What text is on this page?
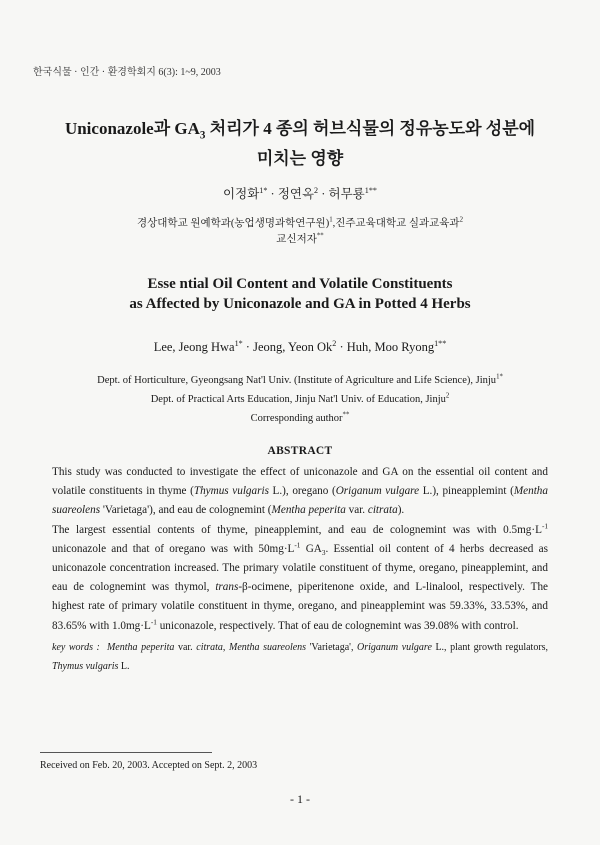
한국식물 · 인간 · 환경학회지 6(3): 1~9, 2003
Uniconazole과 $GA_3$ 처리가 4 종의 허브식물의 정유농도와 성분에
미치는 영향
이정화$^{1*}$ · 정연옥$^2$ · 허무룡$^{1**}$
경상대학교 원예학과(농업생명과학연구원)$^1$,진주교육대학교 실과교육과$^2$
교신저자**
Esse ntial Oil Content and Volatile Constituents
as Affected by Uniconazole and GA in Potted 4 Herbs
Lee, Jeong Hwa$^{1*}$ · Jeong, Yeon $Ok^2$ · Huh, Moo Ryong$^{1**}$
Dept. of Horticulture, Gyeongsang Nat'l Univ. (Institute of Agriculture and Life Science), Jinju$^{1*}$
Dept. of Practical Arts Education, Jinju Nat'l Univ. of Education, Jinju$^2$
Corresponding author**
ABSTRACT

This study was conducted to investigate the effect of uniconazole and GA on the essential oil content and volatile constituents in thyme (Thymus vulgaris L.), oregano (Origanum vulgare L.), pineapplemint (Mentha suareolens 'Varietaga'), and eau de colognemint (Mentha peperita var. citrata).

The largest essential contents of thyme, pineapplemint, and eau de colognemint was with $0.5mg\cdot L^{-1}$ uniconazole and that of oregano was with $50mg\cdot L^{-1}$ $GA_3$. Essential oil content of 4 herbs decreased as uniconazole concentration increased. The primary volatile constituent of thyme, oregano, pineapplemint, and eau de colognemint was thymol, trans-β-ocimene, piperitenone oxide, and L-linalool, respectively. The highest rate of primary volatile constituent in thyme, oregano, and pineapplemint was 59.33%, 33.53%, and 83.65% with $1.0mg\cdot L^{-1}$ uniconazole, respectively. That of eau de colognemint was 39.08% with control.

key words : Mentha peperita var. citrata, Mentha suareolens 'Varietaga', Origanum vulgare L., plant growth regulators, Thymus vulgaris L.

Received on Feb. 20, 2003. Accepted on Sept. 2, 2003
- 1 -
